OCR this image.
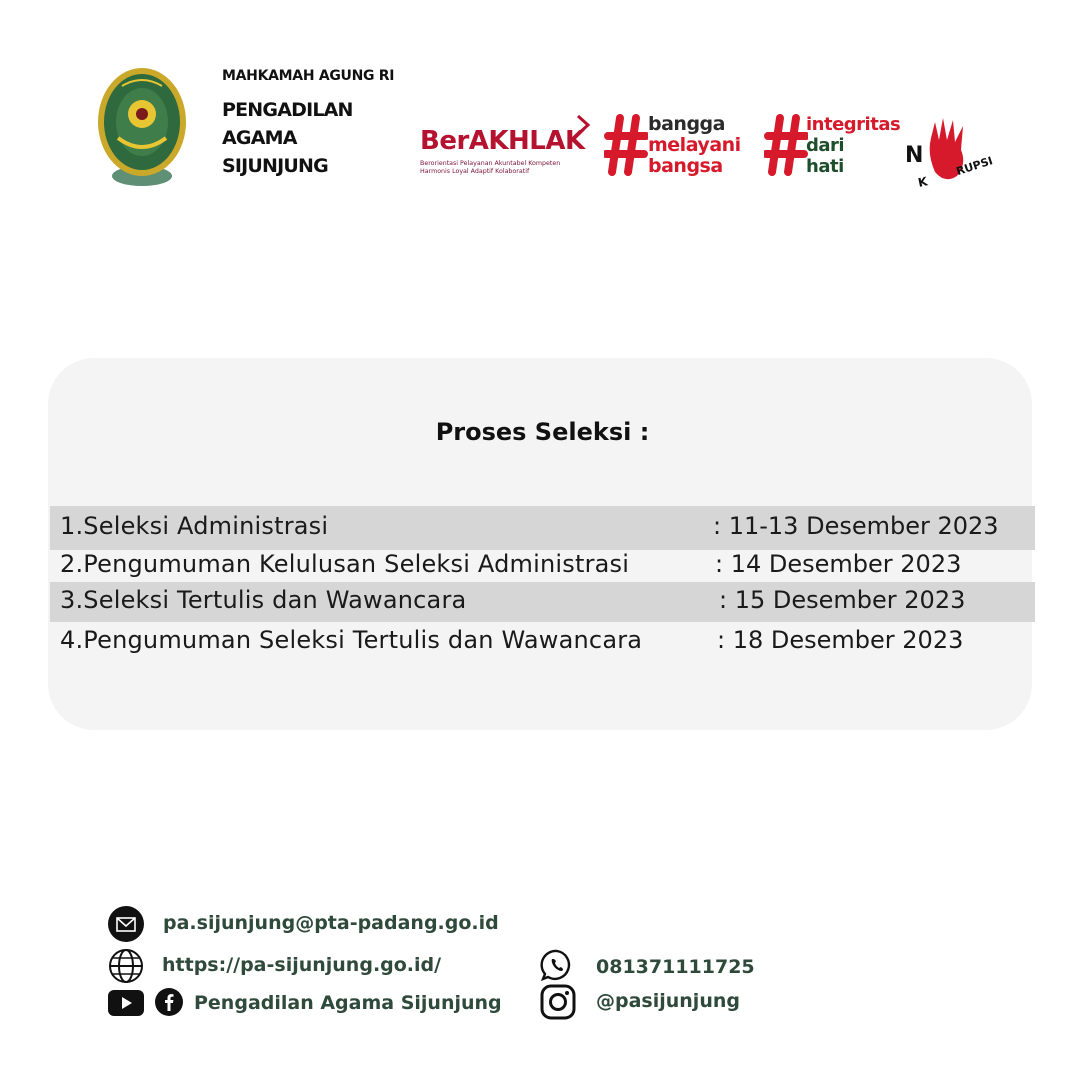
MAHKAMAH AGUNG RI
PENGADILAN AGAMA SIJUNJUNG
BerAKHLAK
Berorientasi Pelayanan Akuntabel Kompeten
Harmonis Loyal Adaptif Kolaboratif
bangga
melayani
bangsa
integritas
dari
hati	N
K
RUPSI
Proses Seleksi :
1.Seleksi Administrasi	: 11-13 Desember 2023
2.Pengumuman Kelulusan Seleksi Administrasi	: 14 Desember 2023
3.Seleksi Tertulis dan Wawancara	: 15 Desember 2023
4.Pengumuman Seleksi Tertulis dan Wawancara	: 18 Desember 2023
pa.sijunjung@pta-padang.go.id
https://pa-sijunjung.go.id/
Pengadilan Agama Sijunjung
081371111725
@pasijunjung
